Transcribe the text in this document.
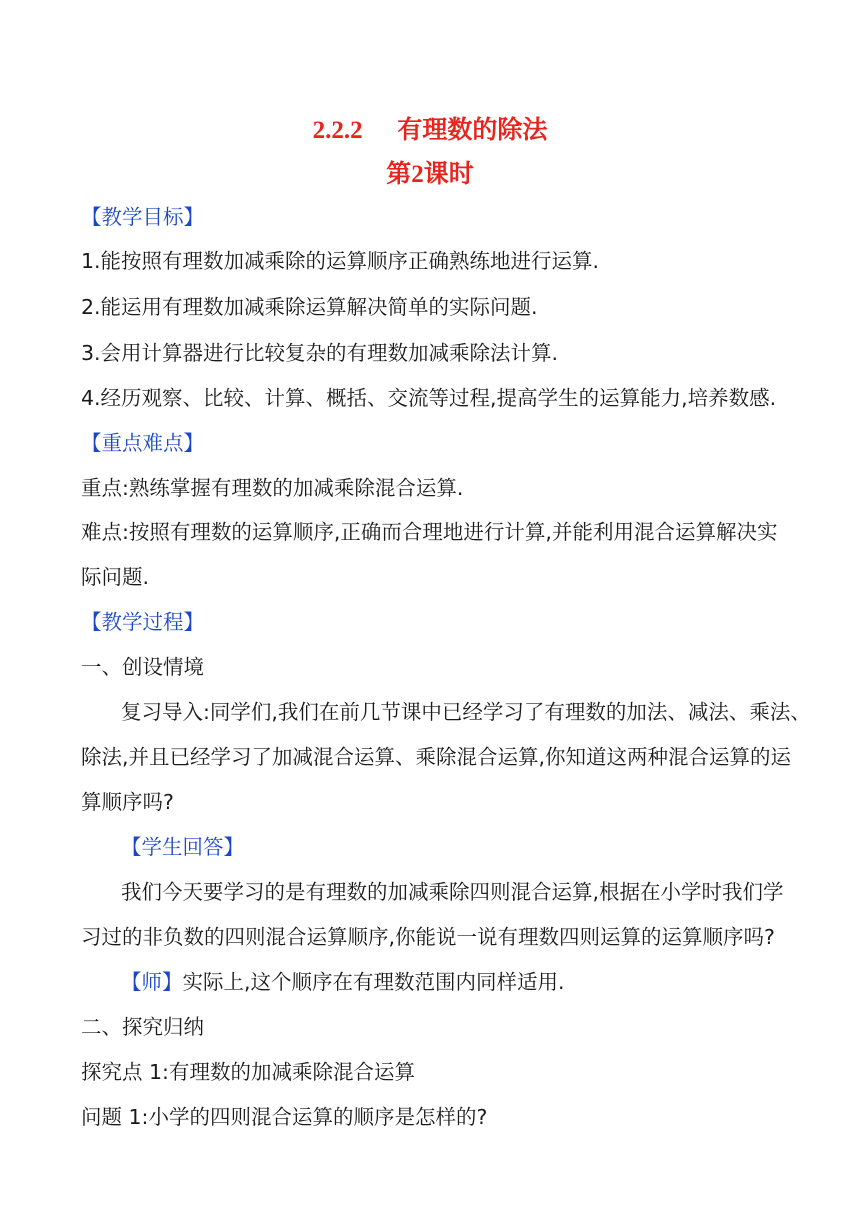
2.2.2 有理数的除法
第2课时
【教学目标】
1.能按照有理数加减乘除的运算顺序正确熟练地进行运算.
2.能运用有理数加减乘除运算解决简单的实际问题.
3.会用计算器进行比较复杂的有理数加减乘除法计算.
4.经历观察、比较、计算、概括、交流等过程,提高学生的运算能力,培养数感.
【重点难点】
重点:熟练掌握有理数的加减乘除混合运算.
难点:按照有理数的运算顺序,正确而合理地进行计算,并能利用混合运算解决实
际问题.
【教学过程】
一、创设情境
复习导入:同学们,我们在前几节课中已经学习了有理数的加法、减法、乘法、
除法,并且已经学习了加减混合运算、乘除混合运算,你知道这两种混合运算的运
算顺序吗?
【学生回答】
我们今天要学习的是有理数的加减乘除四则混合运算,根据在小学时我们学
习过的非负数的四则混合运算顺序,你能说一说有理数四则运算的运算顺序吗?
【师】实际上,这个顺序在有理数范围内同样适用.
二、探究归纳
探究点 1:有理数的加减乘除混合运算
问题 1:小学的四则混合运算的顺序是怎样的?
